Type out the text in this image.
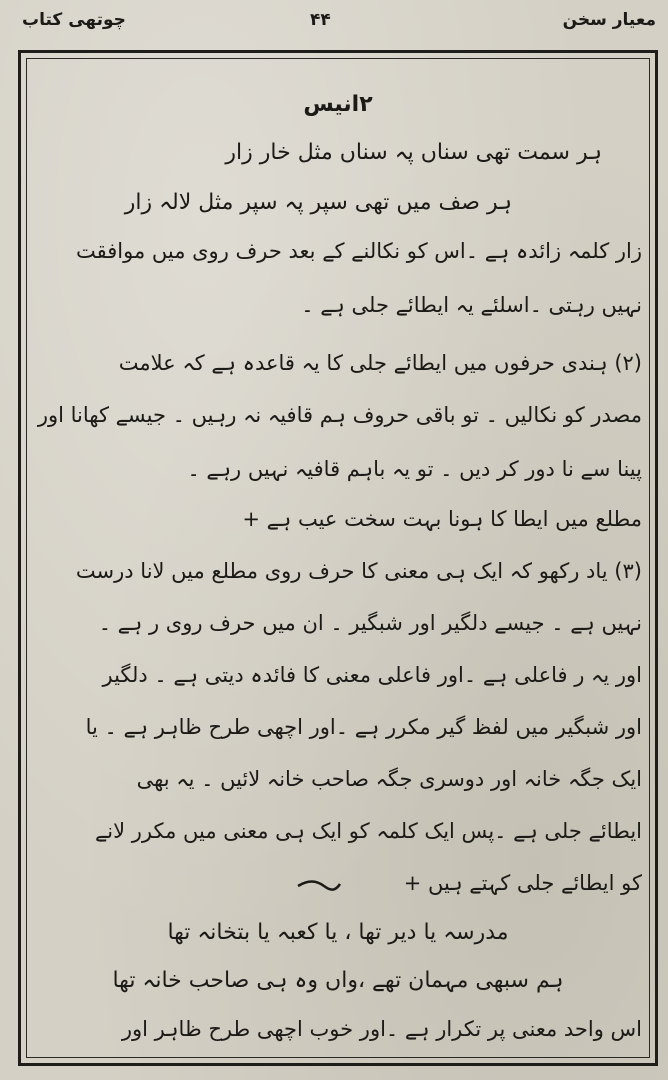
معیار سخن
۴۴
چوتھی کتاب
۲انیس
ہر سمت تھی سناں پہ سناں مثل خار زار
ہر صف میں تھی سپر پہ سپر مثل لالہ زار
زار کلمہ زائدہ ہے ۔اس کو نکالنے کے بعد حرف روی میں موافقت
نہیں رہتی ۔اسلئے یہ ایطائے جلی ہے ۔
(۲) ہندی حرفوں میں ایطائے جلی کا یہ قاعدہ ہے کہ علامت
مصدر کو نکالیں ۔ تو باقی حروف ہم قافیہ نہ رہیں ۔ جیسے کھانا اور
پینا سے نا دور کر دیں ۔ تو یہ باہم قافیہ نہیں رہے ۔
مطلع میں ایطا کا ہونا بہت سخت عیب ہے +
(۳) یاد رکھو کہ ایک ہی معنی کا حرف روی مطلع میں لانا درست
نہیں ہے ۔ جیسے دلگیر اور شبگیر ۔ ان میں حرف روی ر ہے ۔
اور یہ ر فاعلی ہے ۔اور فاعلی معنی کا فائدہ دیتی ہے ۔ دلگیر
اور شبگیر میں لفظ گیر مکرر ہے ۔اور اچھی طرح ظاہر ہے ۔ یا
ایک جگہ خانہ اور دوسری جگہ صاحب خانہ لائیں ۔ یہ بھی
ایطائے جلی ہے ۔پس ایک کلمہ کو ایک ہی معنی میں مکرر لانے
کو ایطائے جلی کہتے ہیں +
مدرسہ یا دیر تھا ، یا کعبہ یا بتخانہ تھا
ہم سبھی مہمان تھے ،واں وہ ہی صاحب خانہ تھا
اس واحد معنی پر تکرار ہے ۔اور خوب اچھی طرح ظاہر اور
